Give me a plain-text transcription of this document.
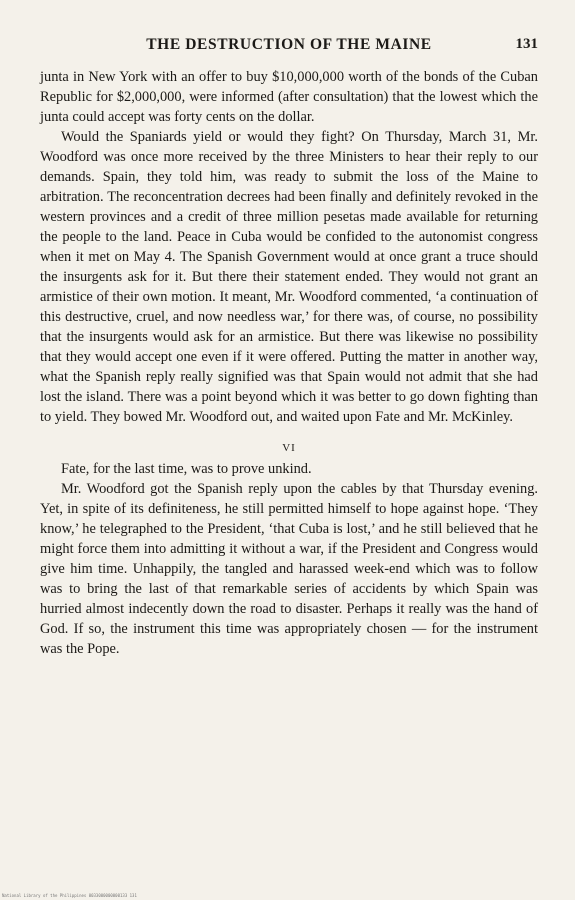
THE DESTRUCTION OF THE MAINE	131

junta in New York with an offer to buy $10,000,000 worth of the bonds of the Cuban Republic for $2,000,000, were informed (after consultation) that the lowest which the junta could accept was forty cents on the dollar.

Would the Spaniards yield or would they fight? On Thursday, March 31, Mr. Woodford was once more received by the three Ministers to hear their reply to our demands. Spain, they told him, was ready to submit the loss of the Maine to arbitration. The reconcentration decrees had been finally and definitely revoked in the western provinces and a credit of three million pesetas made available for returning the people to the land. Peace in Cuba would be confided to the autonomist congress when it met on May 4. The Spanish Government would at once grant a truce should the insurgents ask for it. But there their statement ended. They would not grant an armistice of their own motion. It meant, Mr. Woodford commented, ‘a continuation of this destructive, cruel, and now needless war,’ for there was, of course, no possibility that the insurgents would ask for an armistice. But there was likewise no possibility that they would accept one even if it were offered. Putting the matter in another way, what the Spanish reply really signified was that Spain would not admit that she had lost the island. There was a point beyond which it was better to go down fighting than to yield. They bowed Mr. Woodford out, and waited upon Fate and Mr. McKinley.

VI

Fate, for the last time, was to prove unkind.

Mr. Woodford got the Spanish reply upon the cables by that Thursday evening. Yet, in spite of its definiteness, he still permitted himself to hope against hope. ‘They know,’ he telegraphed to the President, ‘that Cuba is lost,’ and he still believed that he might force them into admitting it without a war, if the President and Congress would give him time. Unhappily, the tangled and harassed week-end which was to follow was to bring the last of that remarkable series of accidents by which Spain was hurried almost indecently down the road to disaster. Perhaps it really was the hand of God. If so, the instrument this time was appropriately chosen — for the instrument was the Pope.

National Library of the Philippines 0033000000000133 131
